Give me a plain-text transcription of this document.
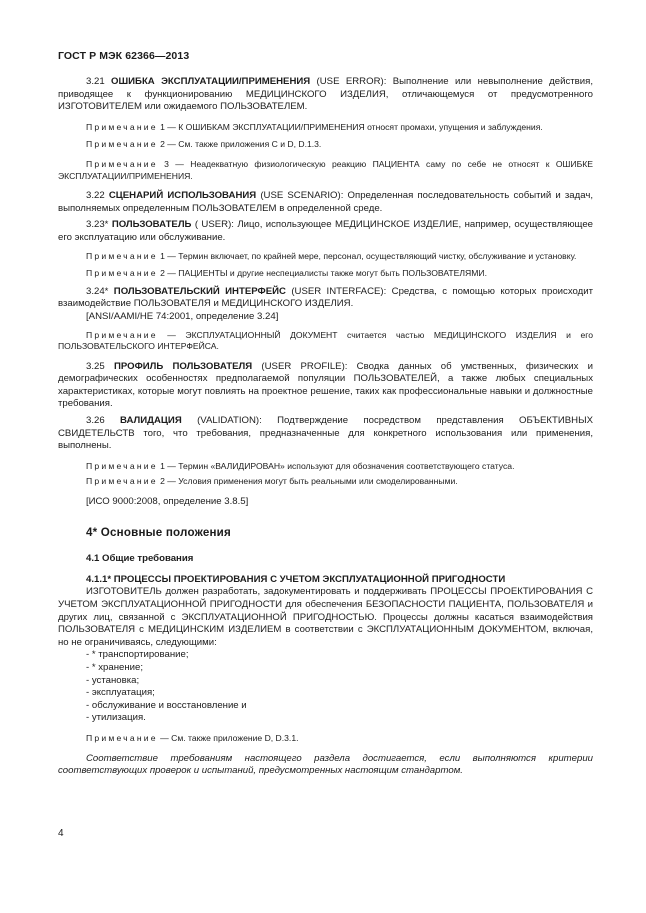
ГОСТ Р МЭК 62366—2013

3.21 ОШИБКА ЭКСПЛУАТАЦИИ/ПРИМЕНЕНИЯ (USE ERROR): Выполнение или невыполнение действия, приводящее к функционированию МЕДИЦИНСКОГО ИЗДЕЛИЯ, отличающемуся от предусмотренного ИЗГОТОВИТЕЛЕМ или ожидаемого ПОЛЬЗОВАТЕЛЕМ.

Примечание 1 — К ОШИБКАМ ЭКСПЛУАТАЦИИ/ПРИМЕНЕНИЯ относят промахи, упущения и заблуждения.

Примечание 2 — См. также приложения C и D, D.1.3.

Примечание 3 — Неадекватную физиологическую реакцию ПАЦИЕНТА саму по себе не относят к ОШИБКЕ ЭКСПЛУАТАЦИИ/ПРИМЕНЕНИЯ.

3.22 СЦЕНАРИЙ ИСПОЛЬЗОВАНИЯ (USE SCENARIO): Определенная последовательность событий и задач, выполняемых определенным ПОЛЬЗОВАТЕЛЕМ в определенной среде.

3.23* ПОЛЬЗОВАТЕЛЬ ( USER): Лицо, использующее МЕДИЦИНСКОЕ ИЗДЕЛИЕ, например, осуществляющее его эксплуатацию или обслуживание.

Примечание 1 — Термин включает, по крайней мере, персонал, осуществляющий чистку, обслуживание и установку.

Примечание 2 — ПАЦИЕНТЫ и другие неспециалисты также могут быть ПОЛЬЗОВАТЕЛЯМИ.

3.24* ПОЛЬЗОВАТЕЛЬСКИЙ ИНТЕРФЕЙС (USER INTERFACE): Средства, с помощью которых происходит взаимодействие ПОЛЬЗОВАТЕЛЯ и МЕДИЦИНСКОГО ИЗДЕЛИЯ.

[ANSI/AAMI/HE 74:2001, определение 3.24]

Примечание — ЭКСПЛУАТАЦИОННЫЙ ДОКУМЕНТ считается частью МЕДИЦИНСКОГО ИЗДЕЛИЯ и его ПОЛЬЗОВАТЕЛЬСКОГО ИНТЕРФЕЙСА.

3.25 ПРОФИЛЬ ПОЛЬЗОВАТЕЛЯ (USER PROFILE): Сводка данных об умственных, физических и демографических особенностях предполагаемой популяции ПОЛЬЗОВАТЕЛЕЙ, а также любых специальных характеристиках, которые могут повлиять на проектное решение, таких как профессиональные навыки и должностные требования.

3.26 ВАЛИДАЦИЯ (VALIDATION): Подтверждение посредством представления ОБЪЕКТИВНЫХ СВИДЕТЕЛЬСТВ того, что требования, предназначенные для конкретного использования или применения, выполнены.

Примечание 1 — Термин «ВАЛИДИРОВАН» используют для обозначения соответствующего статуса.

Примечание 2 — Условия применения могут быть реальными или смоделированными.

[ИСО 9000:2008, определение 3.8.5]

4* Основные положения
4.1 Общие требования
4.1.1* ПРОЦЕССЫ ПРОЕКТИРОВАНИЯ С УЧЕТОМ ЭКСПЛУАТАЦИОННОЙ ПРИГОДНОСТИ

ИЗГОТОВИТЕЛЬ должен разработать, задокументировать и поддерживать ПРОЦЕССЫ ПРОЕКТИРОВАНИЯ С УЧЕТОМ ЭКСПЛУАТАЦИОННОЙ ПРИГОДНОСТИ для обеспечения БЕЗОПАСНОСТИ ПАЦИЕНТА, ПОЛЬЗОВАТЕЛЯ и других лиц, связанной с ЭКСПЛУАТАЦИОННОЙ ПРИГОДНОСТЬЮ. Процессы должны касаться взаимодействия ПОЛЬЗОВАТЕЛЯ с МЕДИЦИНСКИМ ИЗДЕЛИЕМ в соответствии с ЭКСПЛУАТАЦИОННЫМ ДОКУМЕНТОМ, включая, но не ограничиваясь, следующими:

- * транспортирование;
- * хранение;
- установка;
- эксплуатация;
- обслуживание и восстановление и
- утилизация.

Примечание — См. также приложение D, D.3.1.

Соответствие требованиям настоящего раздела достигается, если выполняются критерии соответствующих проверок и испытаний, предусмотренных настоящим стандартом.

4
